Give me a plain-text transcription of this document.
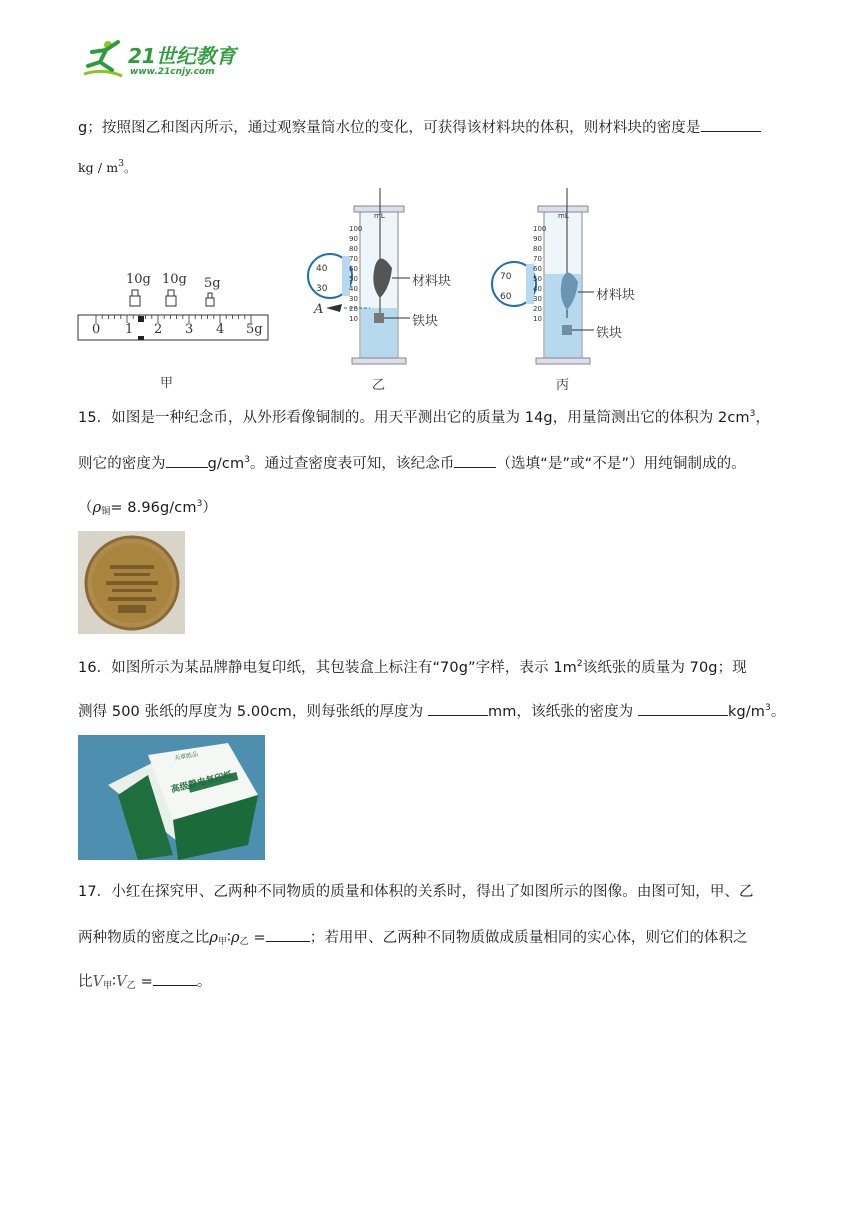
21世纪教育
www.21cnjy.com
g；按照图乙和图丙所示，通过观察量筒水位的变化，可获得该材料块的体积，则材料块的密度是
kg / $m^3$。
10g 10g 5g
0 1 2 3 4 5g
100
90
80
70
60
50
40
30
20
10
mL
40
30
100
90
80
70
60
50
40
30
20
10
mL
70
60
材料块
铁块
材料块
铁块
A
甲	乙	丙
15．如图是一种纪念币，从外形看像铜制的。用天平测出它的质量为 14g，用量筒测出它的体积为 $2cm^3$，
则它的密度为	$g/cm^3$。通过查密度表可知，该纪念币	（选填“是”或“不是”）用纯铜制成的。
$(\rho_铜= 8.96g/cm^3)$
16．如图所示为某品牌静电复印纸，其包装盒上标注有“70g”字样，表示 $1m^2$该纸张的质量为 70g；现
测得 500 张纸的厚度为 5.00cm，则每张纸的厚度为	mm，该纸张的密度为	$kg/m^3$。
高级静电复印纸
天章纸品
17．小红在探究甲、乙两种不同物质的质量和体积的关系时，得出了如图所示的图像。由图可知，甲、乙
两种物质的密度之比$\rho_甲∶\rho_乙$ =	；若用甲、乙两种不同物质做成质量相同的实心体，则它们的体积之
比$V_甲∶V_乙$ =	。
